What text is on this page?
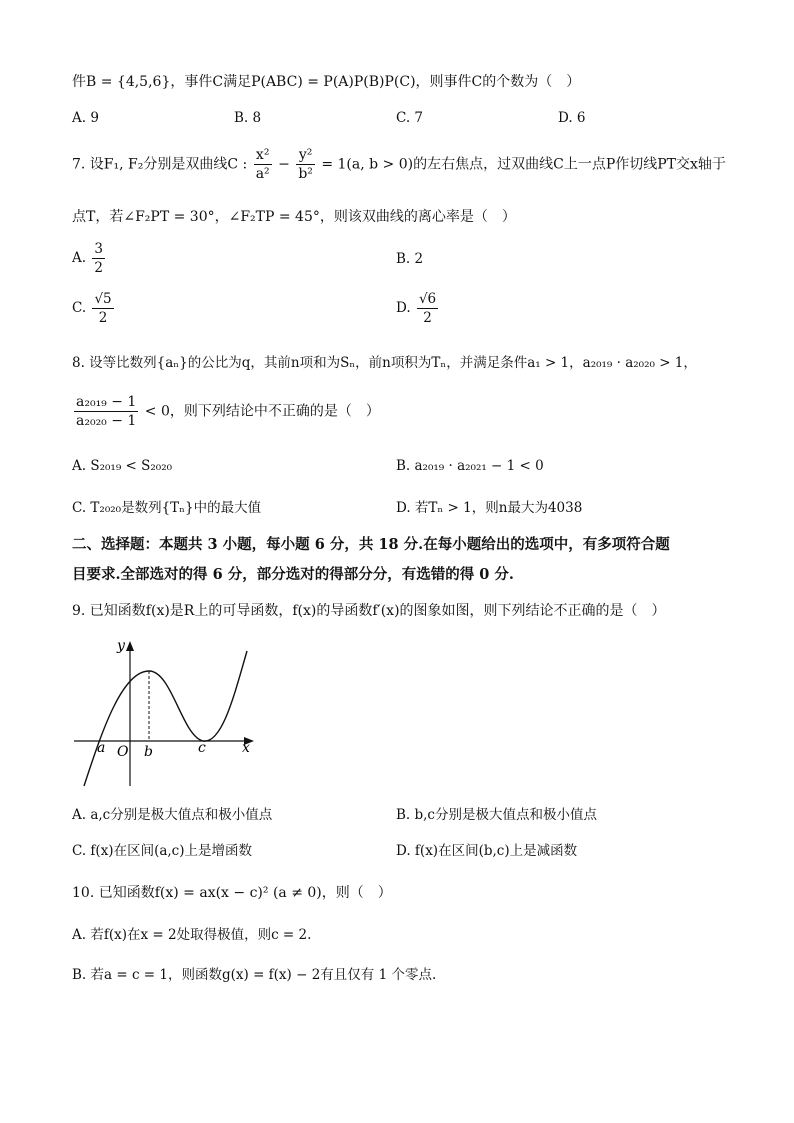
件B = {4,5,6}，事件C满足P(ABC) = P(A)P(B)P(C)，则事件C的个数为（　）
A. 9	B. 8	C. 7	D. 6
7. 设F₁, F₂分别是双曲线C : $\frac{\text{x²}}{\text{a²}} - \frac{\text{y²}}{\text{b²}} = 1(a$, b > 0)的左右焦点，过双曲线C上一点P作切线PT交x轴于
点T，若∠F₂PT = 30°，∠F₂TP = 45°，则该双曲线的离心率是（　）
A. $\frac{3}{2}$	B. 2
C. $\frac{√5}{2}$	D. $\frac{√6}{2}$
8. 设等比数列{aₙ}的公比为q，其前n项和为Sₙ，前n项积为Tₙ，并满足条件a₁ > 1，a₂₀₁₉ · a₂₀₂₀ > 1，
$\frac{\text{a₂₀₁₉ − 1}}{\text{a₂₀₂₀ − 1}} < 0$，则下列结论中不正确的是（　）
A. S₂₀₁₉ < S₂₀₂₀	B. a₂₀₁₉ · a₂₀₂₁ − 1 < 0
C. T₂₀₂₀是数列{Tₙ}中的最大值	D. 若Tₙ > 1，则n最大为4038
二、选择题：本题共 3 小题，每小题 6 分，共 18 分.在每小题给出的选项中，有多项符合题
目要求.全部选对的得 6 分，部分选对的得部分分，有选错的得 0 分.
9. 已知函数f(x)是R上的可导函数，f(x)的导函数f′(x)的图象如图，则下列结论不正确的是（　）
y
x
a O b	c
A. a,c分别是极大值点和极小值点	B. b,c分别是极大值点和极小值点
C. f(x)在区间(a,c)上是增函数	D. f(x)在区间(b,c)上是减函数
10. 已知函数f(x) = ax(x − c)² (a ≠ 0)，则（　）
A. 若f(x)在x = 2处取得极值，则c = 2.
B. 若a = c = 1，则函数g(x) = f(x) − 2有且仅有 1 个零点.
